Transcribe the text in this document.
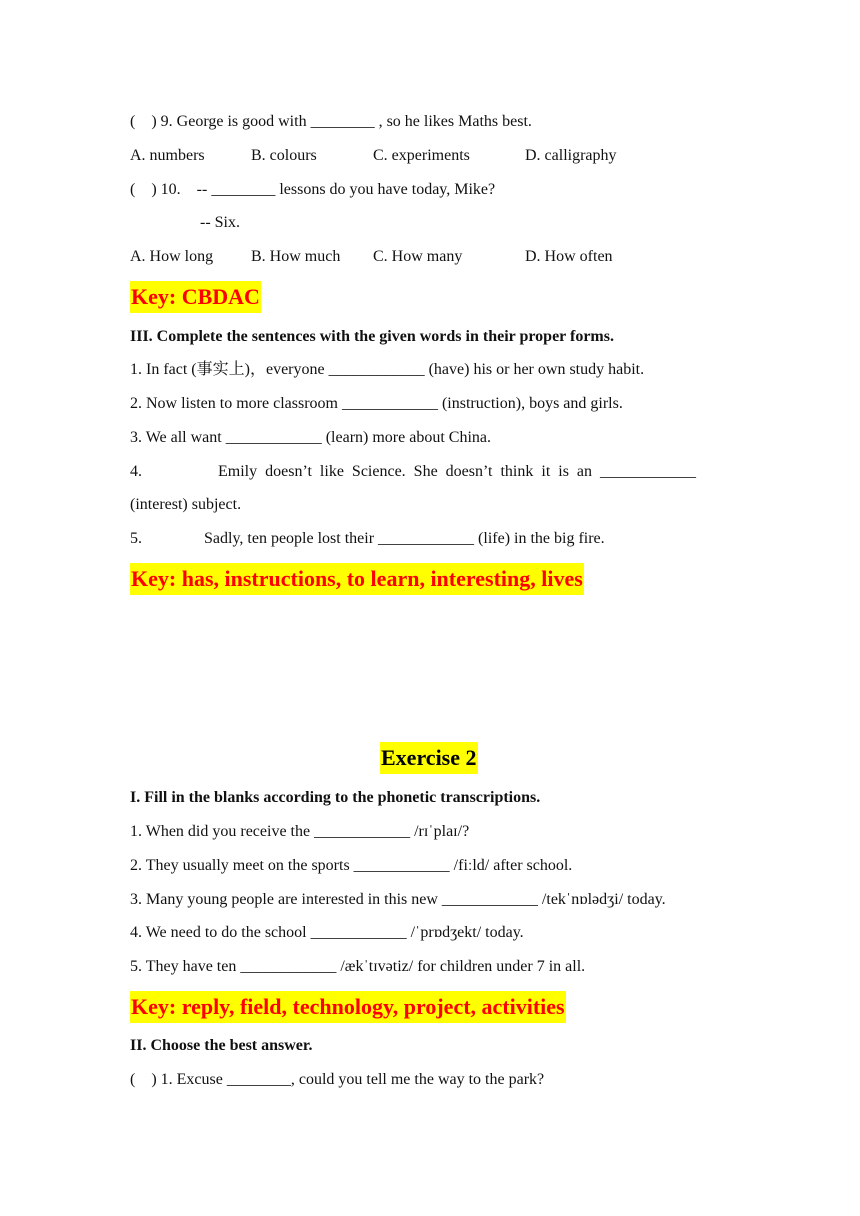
(    ) 9. George is good with ________ , so he likes Maths best.
A. numbers	B. colours	C. experiments	D. calligraphy
(    ) 10.    -- ________ lessons do you have today, Mike?
-- Six.
A. How long B. How much C. How many	D. How often
Key: CBDAC
III. Complete the sentences with the given words in their proper forms.
1. In fact (事实上)，everyone ____________ (have) his or her own study habit.
2. Now listen to more classroom ____________ (instruction), boys and girls.
3. We all want ____________ (learn) more about China.
4.	Emily  doesn’t  like  Science.  She  doesn’t  think  it  is  an  ____________
(interest) subject.
5.	Sadly, ten people lost their ____________ (life) in the big fire.
Key: has, instructions, to learn, interesting, lives
Exercise 2
I. Fill in the blanks according to the phonetic transcriptions.
1. When did you receive the ____________ /rɪˈplaɪ/?
2. They usually meet on the sports ____________ /fiːld/ after school.
3. Many young people are interested in this new ____________ /tekˈnɒlədʒi/ today.
4. We need to do the school ____________ /ˈprɒdʒekt/ today.
5. They have ten ____________ /ækˈtɪvətiz/ for children under 7 in all.
Key: reply, field, technology, project, activities
II. Choose the best answer.
(    ) 1. Excuse ________, could you tell me the way to the park?
